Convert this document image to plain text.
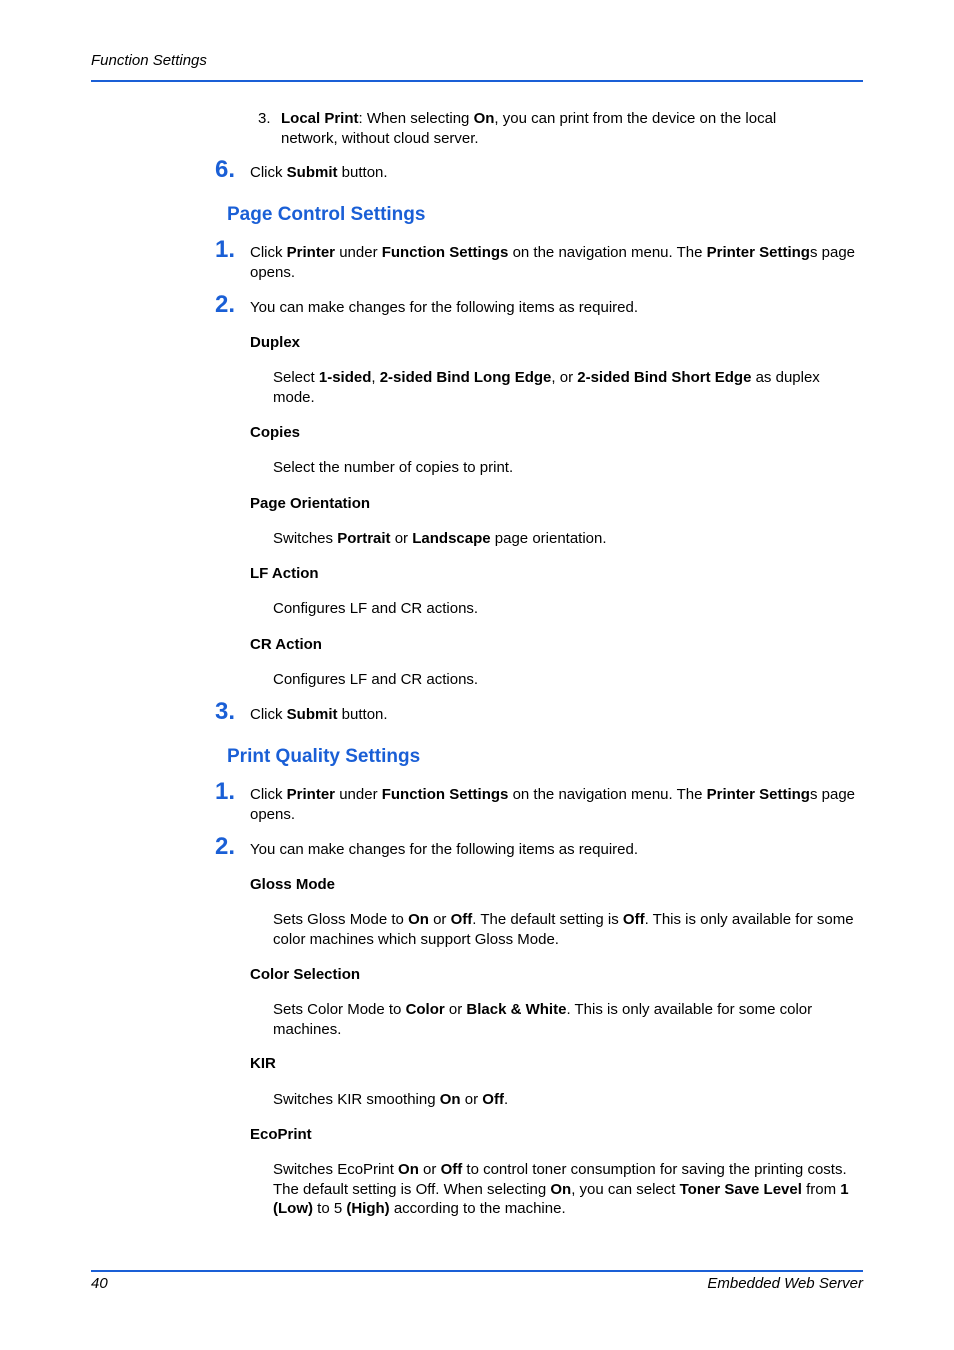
Function Settings
3. Local Print: When selecting On, you can print from the device on the local network, without cloud server.
6. Click Submit button.
Page Control Settings
1. Click Printer under Function Settings on the navigation menu. The Printer Settings page opens.
2. You can make changes for the following items as required.
Duplex
Select 1-sided, 2-sided Bind Long Edge, or 2-sided Bind Short Edge as duplex mode.
Copies
Select the number of copies to print.
Page Orientation
Switches Portrait or Landscape page orientation.
LF Action
Configures LF and CR actions.
CR Action
Configures LF and CR actions.
3. Click Submit button.
Print Quality Settings
1. Click Printer under Function Settings on the navigation menu. The Printer Settings page opens.
2. You can make changes for the following items as required.
Gloss Mode
Sets Gloss Mode to On or Off. The default setting is Off. This is only available for some color machines which support Gloss Mode.
Color Selection
Sets Color Mode to Color or Black & White. This is only available for some color machines.
KIR
Switches KIR smoothing On or Off.
EcoPrint
Switches EcoPrint On or Off to control toner consumption for saving the printing costs. The default setting is Off. When selecting On, you can select Toner Save Level from 1 (Low) to 5 (High) according to the machine.
40	Embedded Web Server
